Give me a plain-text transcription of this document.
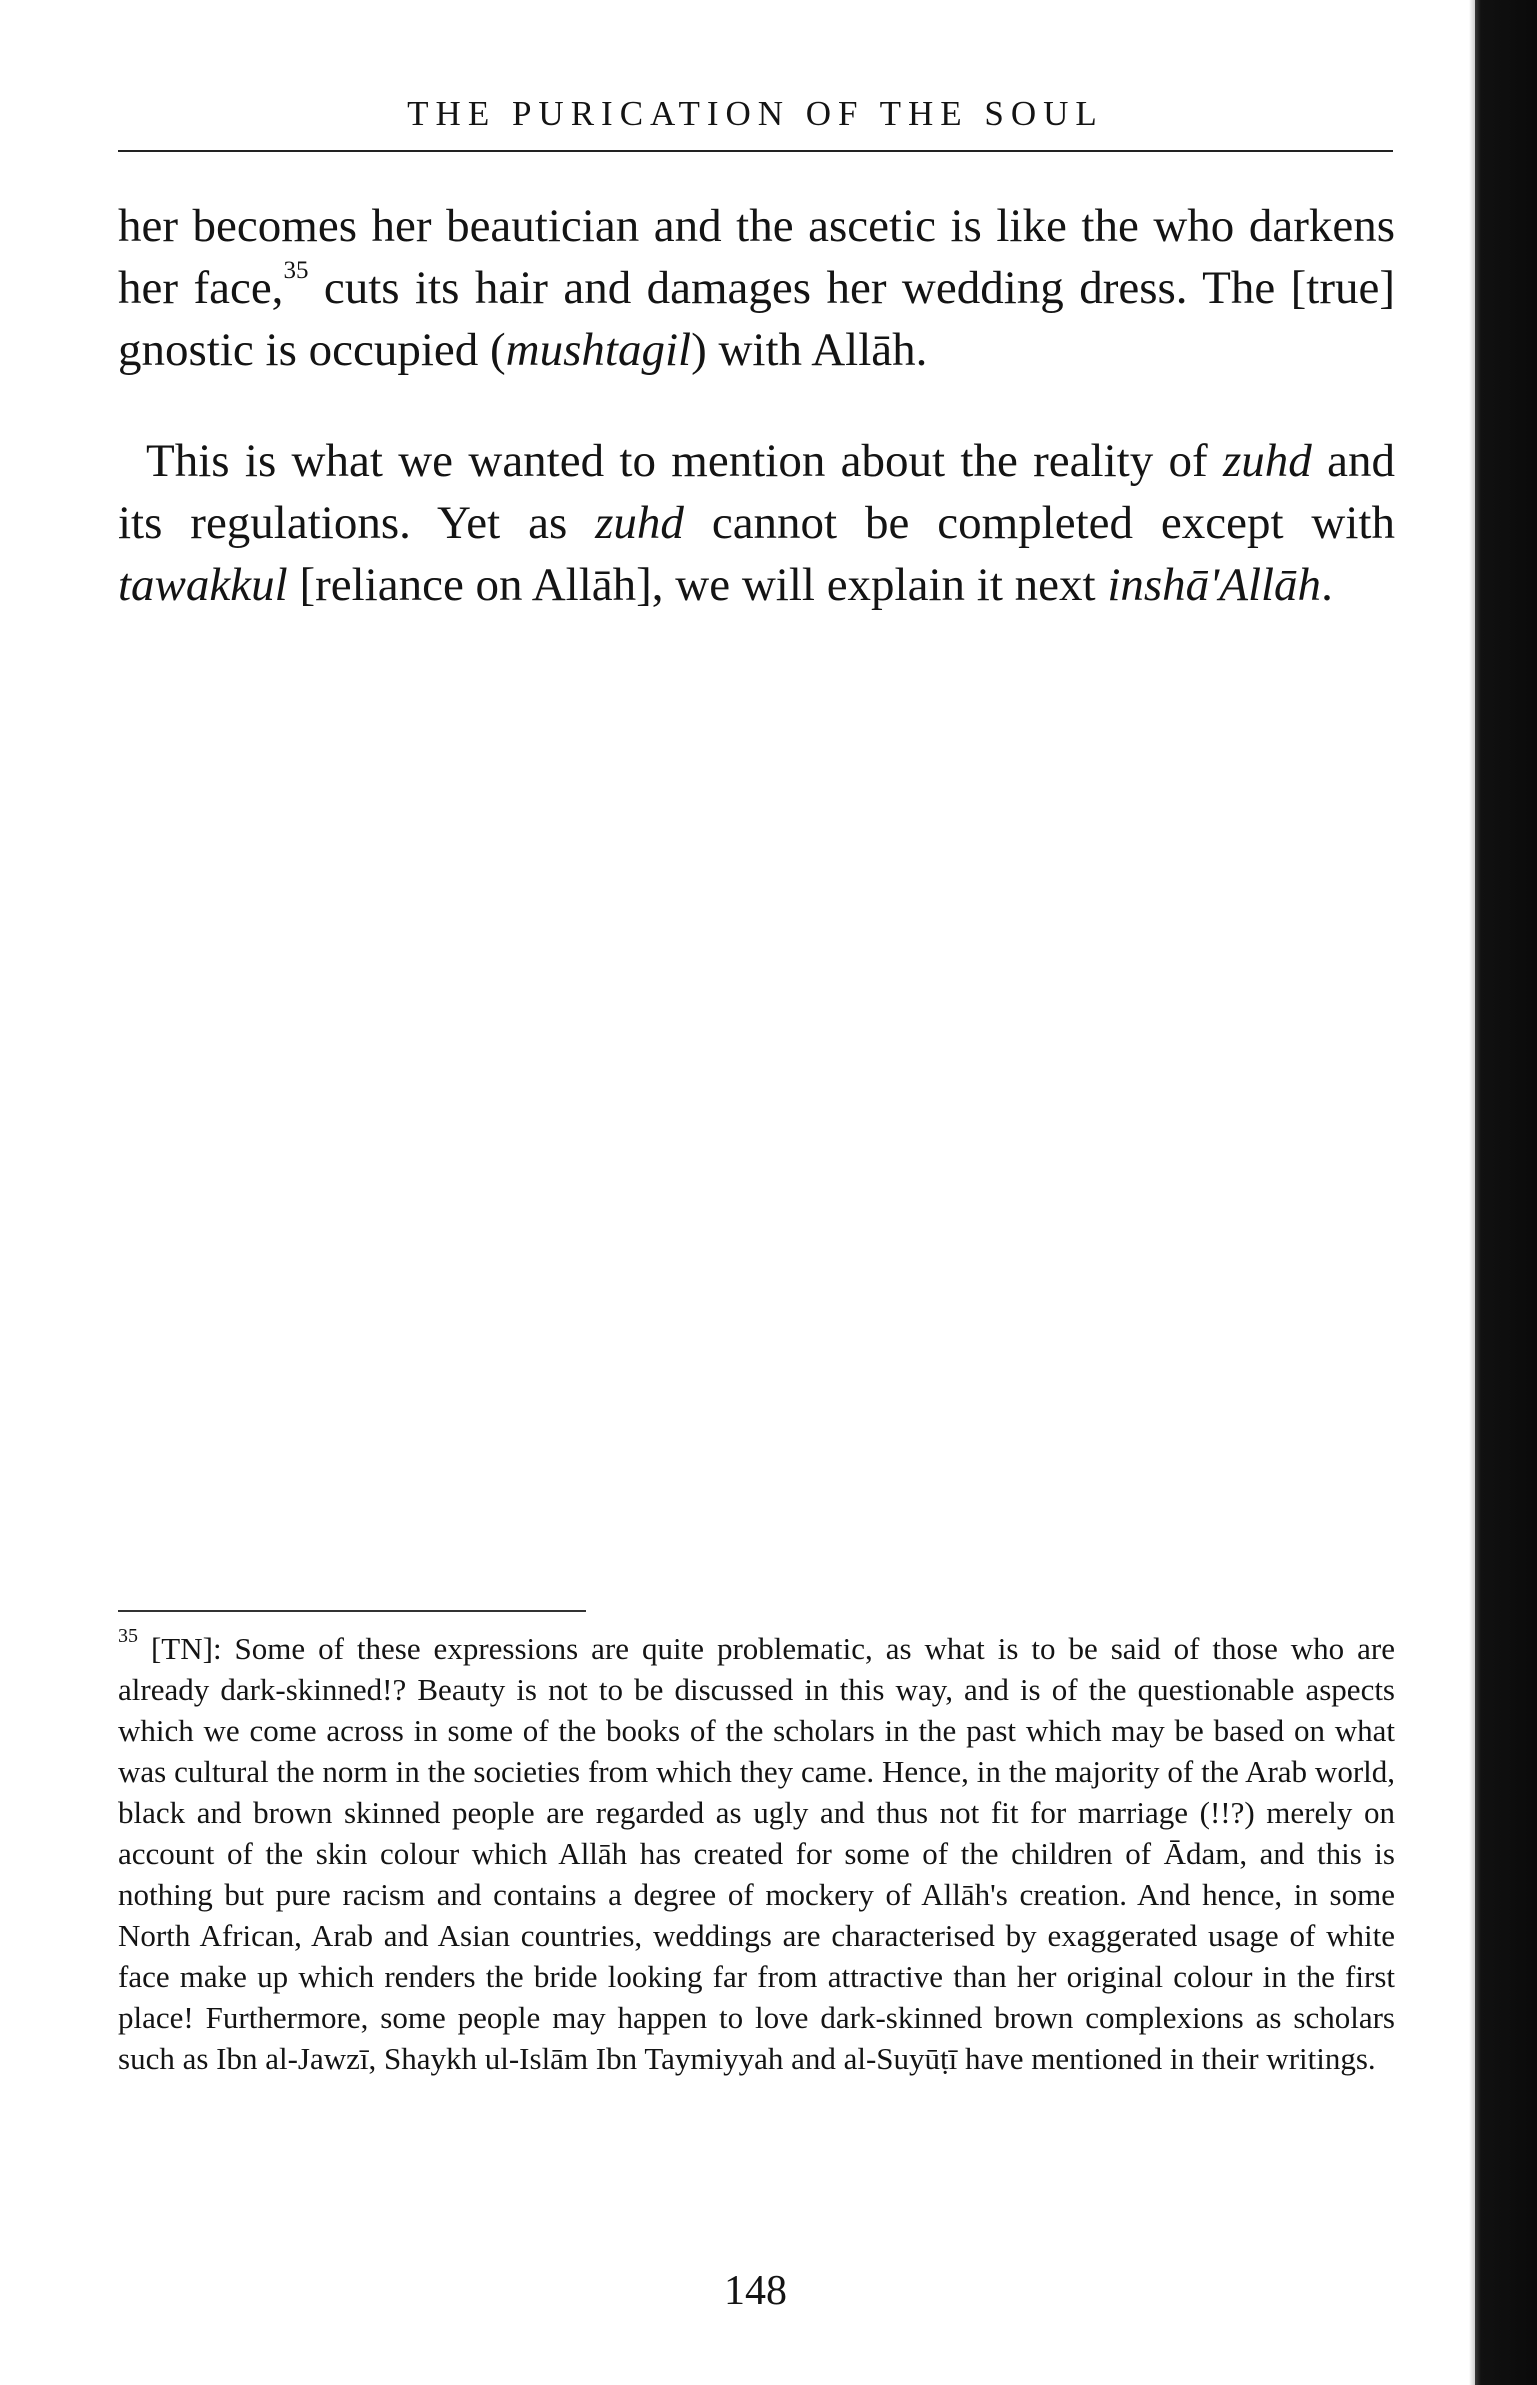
THE PURICATION OF THE SOUL

her becomes her beautician and the ascetic is like the who darkens her face,$^{35}$ cuts its hair and damages her wedding dress. The [true] gnostic is occupied (mushtagil) with Allāh.

This is what we wanted to mention about the reality of zuhd and its regulations. Yet as zuhd cannot be completed except with tawakkul [reliance on Allāh], we will explain it next inshā'Allāh.

$^{35}$ [TN]: Some of these expressions are quite problematic, as what is to be said of those who are already dark-skinned!? Beauty is not to be discussed in this way, and is of the questionable aspects which we come across in some of the books of the scholars in the past which may be based on what was cultural the norm in the societies from which they came. Hence, in the majority of the Arab world, black and brown skinned people are regarded as ugly and thus not fit for marriage (!!?) merely on account of the skin colour which Allāh has created for some of the children of Ādam, and this is nothing but pure racism and contains a degree of mockery of Allāh's creation. And hence, in some North African, Arab and Asian countries, weddings are characterised by exaggerated usage of white face make up which renders the bride looking far from attractive than her original colour in the first place! Furthermore, some people may happen to love dark-skinned brown complexions as scholars such as Ibn al-Jawzī, Shaykh ul-Islām Ibn Taymiyyah and al-Suyūṭī have mentioned in their writings.

148
